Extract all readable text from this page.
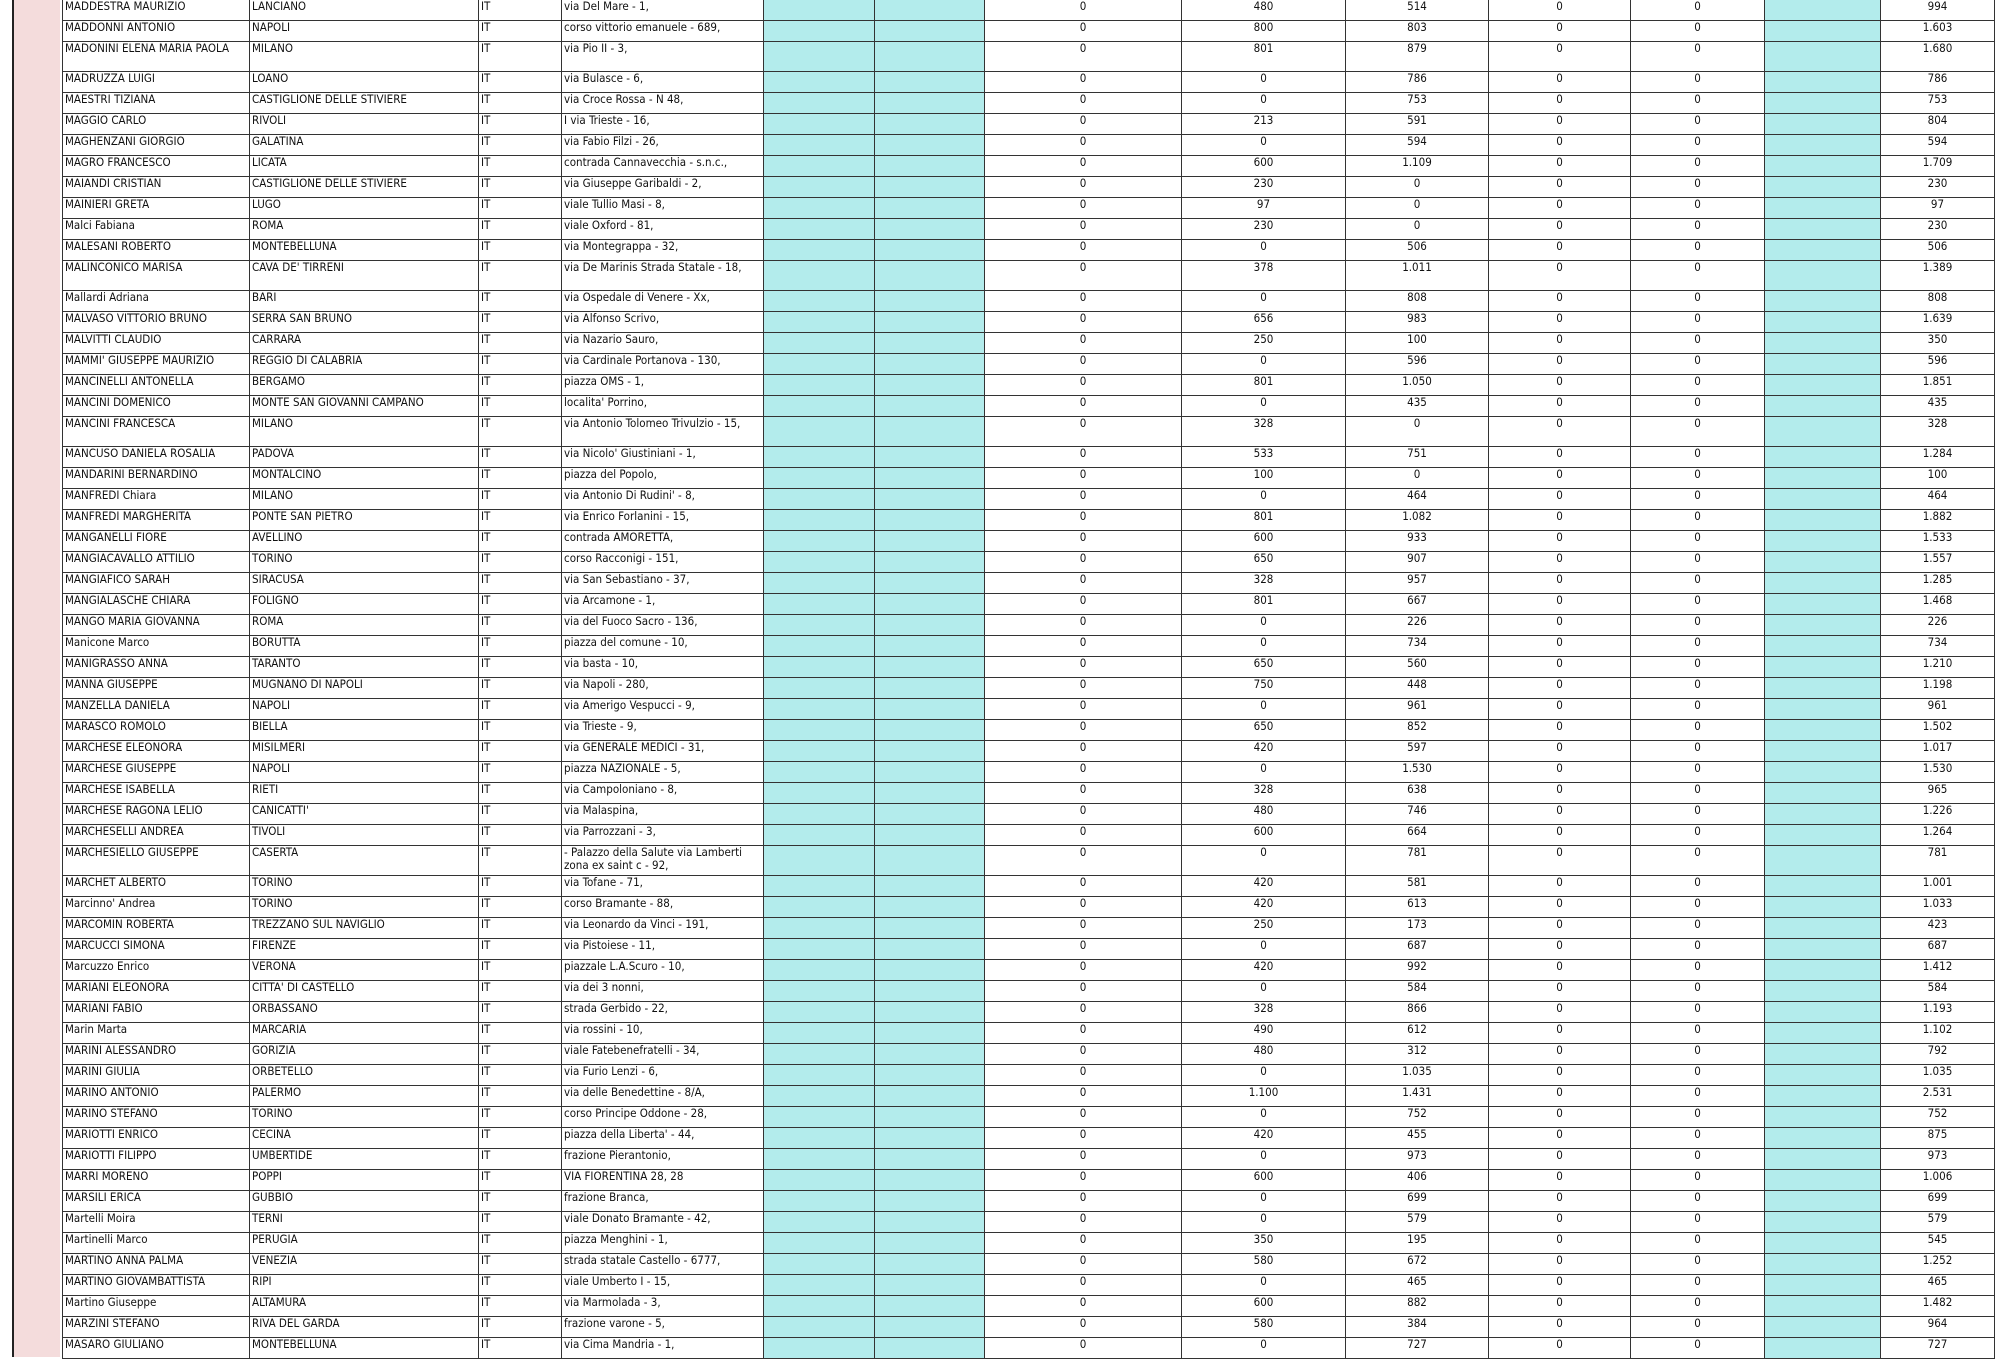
MADDESTRA MAURIZIO	LANCIANO	IT	via Del Mare - 1,			0	480	514	0	0		994
MADDONNI ANTONIO	NAPOLI	IT	corso vittorio emanuele - 689,			0	800	803	0	0		1.603
MADONINI ELENA MARIA PAOLA	MILANO	IT	via Pio II - 3,			0	801	879	0	0		1.680
MADRUZZA LUIGI	LOANO	IT	via Bulasce - 6,			0	0	786	0	0		786
MAESTRI TIZIANA	CASTIGLIONE DELLE STIVIERE	IT	via Croce Rossa - N 48,			0	0	753	0	0		753
MAGGIO CARLO	RIVOLI	IT	I via Trieste - 16,			0	213	591	0	0		804
MAGHENZANI GIORGIO	GALATINA	IT	via Fabio Filzi - 26,			0	0	594	0	0		594
MAGRO FRANCESCO	LICATA	IT	contrada Cannavecchia - s.n.c.,			0	600	1.109	0	0		1.709
MAIANDI CRISTIAN	CASTIGLIONE DELLE STIVIERE	IT	via Giuseppe Garibaldi - 2,			0	230	0	0	0		230
MAINIERI GRETA	LUGO	IT	viale Tullio Masi - 8,			0	97	0	0	0		97
Malci Fabiana	ROMA	IT	viale Oxford - 81,			0	230	0	0	0		230
MALESANI ROBERTO	MONTEBELLUNA	IT	via Montegrappa - 32,			0	0	506	0	0		506
MALINCONICO MARISA	CAVA DE' TIRRENI	IT	via De Marinis Strada Statale - 18,			0	378	1.011	0	0		1.389
Mallardi Adriana	BARI	IT	via Ospedale di Venere - Xx,			0	0	808	0	0		808
MALVASO VITTORIO BRUNO	SERRA SAN BRUNO	IT	via Alfonso Scrivo,			0	656	983	0	0		1.639
MALVITTI CLAUDIO	CARRARA	IT	via Nazario Sauro,			0	250	100	0	0		350
MAMMI' GIUSEPPE MAURIZIO	REGGIO DI CALABRIA	IT	via Cardinale Portanova - 130,			0	0	596	0	0		596
MANCINELLI ANTONELLA	BERGAMO	IT	piazza OMS - 1,			0	801	1.050	0	0		1.851
MANCINI DOMENICO	MONTE SAN GIOVANNI CAMPANO	IT	localita' Porrino,			0	0	435	0	0		435
MANCINI FRANCESCA	MILANO	IT	via Antonio Tolomeo Trivulzio - 15,			0	328	0	0	0		328
MANCUSO DANIELA ROSALIA	PADOVA	IT	via Nicolo' Giustiniani - 1,			0	533	751	0	0		1.284
MANDARINI BERNARDINO	MONTALCINO	IT	piazza del Popolo,			0	100	0	0	0		100
MANFREDI Chiara	MILANO	IT	via Antonio Di Rudini' - 8,			0	0	464	0	0		464
MANFREDI MARGHERITA	PONTE SAN PIETRO	IT	via Enrico Forlanini - 15,			0	801	1.082	0	0		1.882
MANGANELLI FIORE	AVELLINO	IT	contrada AMORETTA,			0	600	933	0	0		1.533
MANGIACAVALLO ATTILIO	TORINO	IT	corso Racconigi - 151,			0	650	907	0	0		1.557
MANGIAFICO SARAH	SIRACUSA	IT	via San Sebastiano - 37,			0	328	957	0	0		1.285
MANGIALASCHE CHIARA	FOLIGNO	IT	via Arcamone - 1,			0	801	667	0	0		1.468
MANGO MARIA GIOVANNA	ROMA	IT	via del Fuoco Sacro - 136,			0	0	226	0	0		226
Manicone Marco	BORUTTA	IT	piazza del comune - 10,			0	0	734	0	0		734
MANIGRASSO ANNA	TARANTO	IT	via basta - 10,			0	650	560	0	0		1.210
MANNA GIUSEPPE	MUGNANO DI NAPOLI	IT	via Napoli - 280,			0	750	448	0	0		1.198
MANZELLA DANIELA	NAPOLI	IT	via Amerigo Vespucci - 9,			0	0	961	0	0		961
MARASCO ROMOLO	BIELLA	IT	via Trieste - 9,			0	650	852	0	0		1.502
MARCHESE ELEONORA	MISILMERI	IT	via GENERALE MEDICI - 31,			0	420	597	0	0		1.017
MARCHESE GIUSEPPE	NAPOLI	IT	piazza NAZIONALE - 5,			0	0	1.530	0	0		1.530
MARCHESE ISABELLA	RIETI	IT	via Campoloniano - 8,			0	328	638	0	0		965
MARCHESE RAGONA LELIO	CANICATTI'	IT	via Malaspina,			0	480	746	0	0		1.226
MARCHESELLI ANDREA	TIVOLI	IT	via Parrozzani - 3,			0	600	664	0	0		1.264
MARCHESIELLO GIUSEPPE	CASERTA	IT	- Palazzo della Salute via Lamberti zona ex saint c - 92,			0	0	781	0	0		781
MARCHET ALBERTO	TORINO	IT	via Tofane - 71,			0	420	581	0	0		1.001
Marcinno' Andrea	TORINO	IT	corso Bramante - 88,			0	420	613	0	0		1.033
MARCOMIN ROBERTA	TREZZANO SUL NAVIGLIO	IT	via Leonardo da Vinci - 191,			0	250	173	0	0		423
MARCUCCI SIMONA	FIRENZE	IT	via Pistoiese - 11,			0	0	687	0	0		687
Marcuzzo Enrico	VERONA	IT	piazzale L.A.Scuro - 10,			0	420	992	0	0		1.412
MARIANI ELEONORA	CITTA' DI CASTELLO	IT	via dei 3 nonni,			0	0	584	0	0		584
MARIANI FABIO	ORBASSANO	IT	strada Gerbido - 22,			0	328	866	0	0		1.193
Marin Marta	MARCARIA	IT	via rossini - 10,			0	490	612	0	0		1.102
MARINI ALESSANDRO	GORIZIA	IT	viale Fatebenefratelli - 34,			0	480	312	0	0		792
MARINI GIULIA	ORBETELLO	IT	via Furio Lenzi - 6,			0	0	1.035	0	0		1.035
MARINO ANTONIO	PALERMO	IT	via delle Benedettine - 8/A,			0	1.100	1.431	0	0		2.531
MARINO STEFANO	TORINO	IT	corso Principe Oddone - 28,			0	0	752	0	0		752
MARIOTTI ENRICO	CECINA	IT	piazza della Liberta' - 44,			0	420	455	0	0		875
MARIOTTI FILIPPO	UMBERTIDE	IT	frazione Pierantonio,			0	0	973	0	0		973
MARRI MORENO	POPPI	IT	VIA FIORENTINA 28, 28			0	600	406	0	0		1.006
MARSILI ERICA	GUBBIO	IT	frazione Branca,			0	0	699	0	0		699
Martelli Moira	TERNI	IT	viale Donato Bramante - 42,			0	0	579	0	0		579
Martinelli Marco	PERUGIA	IT	piazza Menghini - 1,			0	350	195	0	0		545
MARTINO ANNA PALMA	VENEZIA	IT	strada statale Castello - 6777,			0	580	672	0	0		1.252
MARTINO GIOVAMBATTISTA	RIPI	IT	viale Umberto I - 15,			0	0	465	0	0		465
Martino Giuseppe	ALTAMURA	IT	via Marmolada - 3,			0	600	882	0	0		1.482
MARZINI STEFANO	RIVA DEL GARDA	IT	frazione varone - 5,			0	580	384	0	0		964
MASARO GIULIANO	MONTEBELLUNA	IT	via Cima Mandria - 1,			0	0	727	0	0		727
